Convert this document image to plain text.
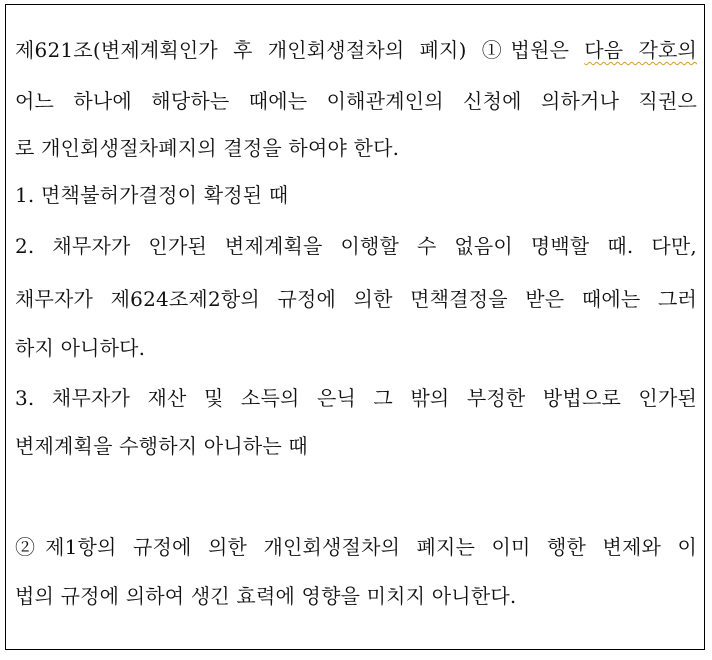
제621조(변제계획인가 후 개인회생절차의 폐지) ①법원은 다음 각호의
어느 하나에 해당하는 때에는 이해관계인의 신청에 의하거나 직권으
로 개인회생절차폐지의 결정을 하여야 한다.
1. 면책불허가결정이 확정된 때
2. 채무자가 인가된 변제계획을 이행할 수 없음이 명백할 때. 다만,
채무자가 제624조제2항의 규정에 의한 면책결정을 받은 때에는 그러
하지 아니하다.
3. 채무자가 재산 및 소득의 은닉 그 밖의 부정한 방법으로 인가된
변제계획을 수행하지 아니하는 때
②제1항의 규정에 의한 개인회생절차의 폐지는 이미 행한 변제와 이
법의 규정에 의하여 생긴 효력에 영향을 미치지 아니한다.
